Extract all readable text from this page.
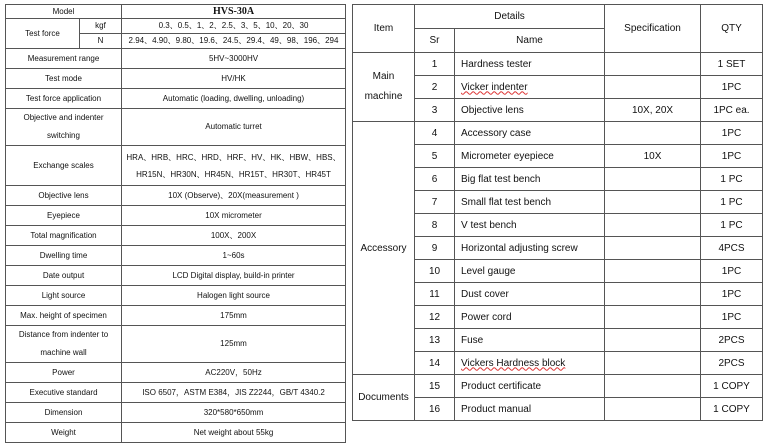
Model		HVS-30A
Test force	kgf	0.3、0.5、1、2、2.5、3、5、10、20、30
	N	2.94、4.90、9.80、19.6、24.5、29.4、49、98、196、294
Measurement range		5HV~3000HV
Test mode		HV/HK
Test force application		Automatic (loading, dwelling, unloading)
Objective and indenter switching		Automatic turret
Exchange scales		HRA、HRB、HRC、HRD、HRF、HV、HK、HBW、HBS、HR15N、HR30N、HR45N、HR15T、HR30T、HR45T
Objective lens		10X (Observe)、20X(measurement )
Eyepiece		10X micrometer
Total magnification		100X、200X
Dwelling time		1~60s
Date output		LCD Digital display, build-in printer
Light source		Halogen light source
Max. height of specimen		175mm
Distance from indenter to machine wall		125mm
Power		AC220V，50Hz
Executive standard		ISO 6507，ASTM E384，JIS Z2244，GB/T 4340.2
Dimension		320*580*650mm
Weight		Net weight about 55kg
Item	Details		Specification	QTY
	Sr	Name		
Main machine	1	Hardness tester		1 SET
	2	Vicker indenter		1PC
	3	Objective lens	10X, 20X	1PC ea.
Accessory	4	Accessory case		1PC
	5	Micrometer eyepiece	10X	1PC
	6	Big flat test bench		1 PC
	7	Small flat test bench		1 PC
	8	V test bench		1 PC
	9	Horizontal adjusting screw		4PCS
	10	Level gauge		1PC
	11	Dust cover		1PC
	12	Power cord		1PC
	13	Fuse		2PCS
	14	Vickers Hardness block		2PCS
Documents	15	Product certificate		1 COPY
	16	Product manual		1 COPY
